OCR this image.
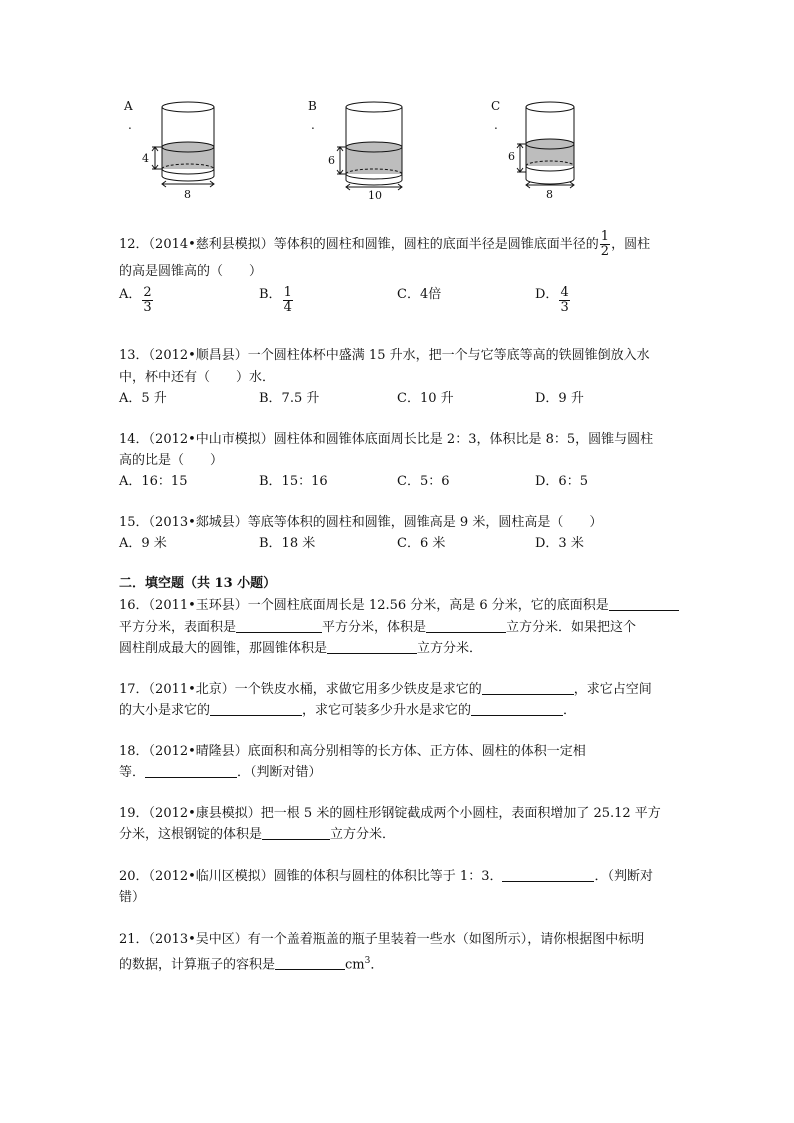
A
.
4
8
B
.
6
10
C
.
6
8
12．（2014•慈利县模拟）等体积的圆柱和圆锥，圆柱的底面半径是圆锥底面半径的 $\frac{1}{2}$ ，圆柱
的高是圆锥高的（　　）
A． $\frac{2}{3}$	B． $\frac{1}{4}$	C．4倍	D． $\frac{4}{3}$
13．（2012•顺昌县）一个圆柱体杯中盛满 15 升水，把一个与它等底等高的铁圆锥倒放入水
中，杯中还有（　　）水．
A．5 升	B．7.5 升	C．10 升	D．9 升
14．（2012•中山市模拟）圆柱体和圆锥体底面周长比是 2：3，体积比是 8：5，圆锥与圆柱
高的比是（　　）
A．16：15	B．15：16	C．5：6	D．6：5
15．（2013•郯城县）等底等体积的圆柱和圆锥，圆锥高是 9 米，圆柱高是（　　）
A．9 米	B．18 米	C．6 米	D．3 米
二．填空题（共 13 小题）
16．（2011•玉环县）一个圆柱底面周长是 12.56 分米，高是 6 分米，它的底面积是
平方分米，表面积是	平方分米，体积是	立方分米．如果把这个
圆柱削成最大的圆锥，那圆锥体积是	立方分米．
17．（2011•北京）一个铁皮水桶，求做它用多少铁皮是求它的	，求它占空间
的大小是求它的	，求它可装多少升水是求它的	．
18．（2012•晴隆县）底面积和高分别相等的长方体、正方体、圆柱的体积一定相
等．	．（判断对错）
19．（2012•康县模拟）把一根 5 米的圆柱形钢锭截成两个小圆柱，表面积增加了 25.12 平方
分米，这根钢锭的体积是	立方分米．
20．（2012•临川区模拟）圆锥的体积与圆柱的体积比等于 1：3．	．（判断对
错）
21．（2013•吴中区）有一个盖着瓶盖的瓶子里装着一些水（如图所示），请你根据图中标明
的数据，计算瓶子的容积是	$cm^3$．
